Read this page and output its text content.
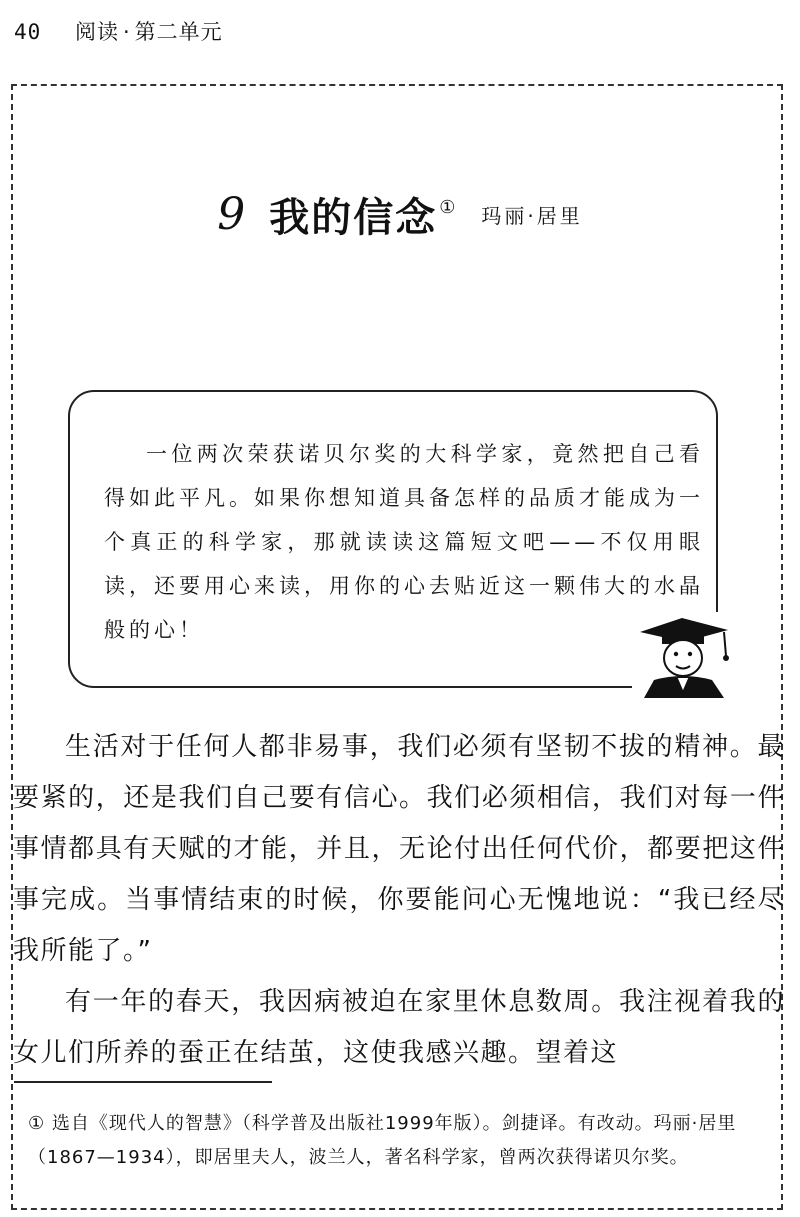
40 阅读 · 第二单元
9 我的信念 ① 玛丽·居里
一位两次荣获诺贝尔奖的大科学家，竟然把自己看得如此平凡。如果你想知道具备怎样的品质才能成为一个真正的科学家，那就读读这篇短文吧——不仅用眼读，还要用心来读，用你的心去贴近这一颗伟大的水晶般的心！

生活对于任何人都非易事，我们必须有坚韧不拔的精神。最要紧的，还是我们自己要有信心。我们必须相信，我们对每一件事情都具有天赋的才能，并且，无论付出任何代价，都要把这件事完成。当事情结束的时候，你要能问心无愧地说：“我已经尽我所能了。”

有一年的春天，我因病被迫在家里休息数周。我注视着我的女儿们所养的蚕正在结茧，这使我感兴趣。望着这

① 选自《现代人的智慧》（科学普及出版社1999年版）。剑捷译。有改动。玛丽·居里（1867—1934），即居里夫人，波兰人，著名科学家，曾两次获得诺贝尔奖。
